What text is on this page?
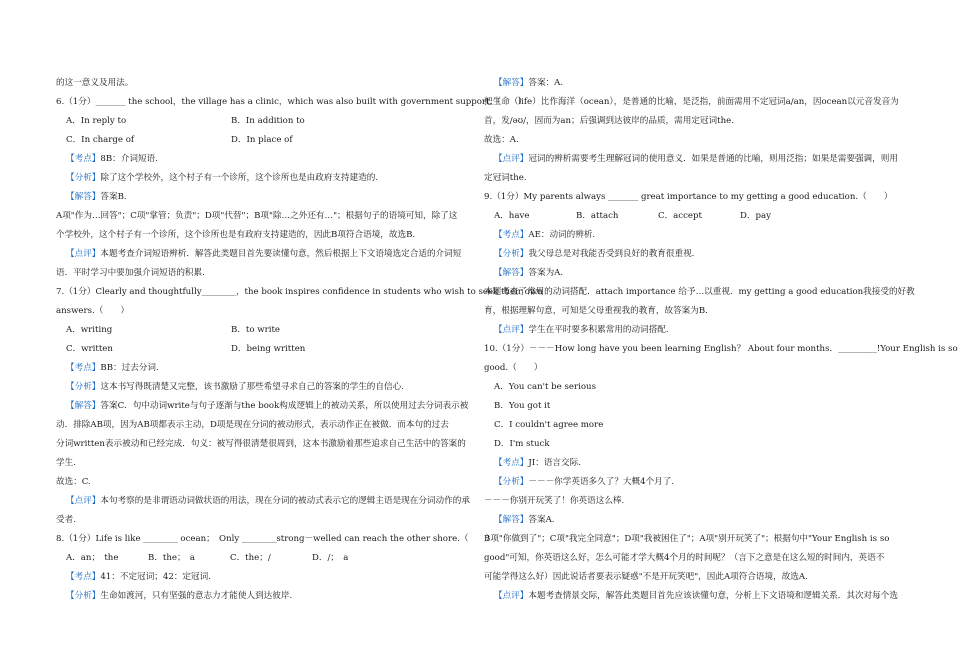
的这一意义及用法。
6.（1分）_______ the school，the village has a clinic，which was also built with government support.（　　）
A．In reply to	B．In addition to
C．In charge of	D．In place of
【考点】8B：介词短语.
【分析】除了这个学校外，这个村子有一个诊所，这个诊所也是由政府支持建造的.
【解答】答案B.
A项"作为…回答"；C项"掌管；负责"；D项"代替"；B项"除…之外还有…"；根据句子的语境可知，除了这
个学校外，这个村子有一个诊所，这个诊所也是有政府支持建造的，因此B项符合语境，故选B.
【点评】本题考查介词短语辨析．解答此类题目首先要读懂句意，然后根据上下文语境选定合适的介词短
语．平时学习中要加强介词短语的积累.
7.（1分）Clearly and thoughtfully________，the book inspires confidence in students who wish to seek their own
answers.（　　）
A．writing	B．to write
C．written	D．being written
【考点】BB：过去分词.
【分析】这本书写得既清楚又完整，该书激励了那些希望寻求自己的答案的学生的自信心.
【解答】答案C．句中动词write与句子逐渐与the book构成逻辑上的被动关系，所以使用过去分词表示被
动．排除AB项，因为AB项都表示主动，D项是现在分词的被动形式，表示动作正在被做．而本句的过去
分词written表示被动和已经完成．句义：被写得很清楚很周到，这本书激励着那些追求自己生活中的答案的
学生.
故选：C.
【点评】本句考察的是非谓语动词做状语的用法，现在分词的被动式表示它的逻辑主语是现在分词动作的承
受者.
8.（1分）Life is like ________ ocean；　Only ________strong－welled can reach the other shore.（　　）
A．an；　the	B．the；　a	C．the；/	D．/；　a
【考点】41：不定冠词；42：定冠词.
【分析】生命如渡河，只有坚强的意志力才能使人到达彼岸.
【解答】答案：A.
把生命（life）比作海洋（ocean），是普通的比喻，是泛指，前面需用不定冠词a/an，因ocean以元音发音为
首，发/əʊ/，固而为an；后强调到达彼岸的品质，需用定冠词the.
故选：A.
【点评】冠词的辨析需要考生理解冠词的使用意义．如果是普通的比喻，则用泛指；如果是需要强调，则用
定冠词the.
9.（1分）My parents always _______ great importance to my getting a good education.（　　）
A．have	B．attach	C．accept	D．pay
【考点】AE：动词的辨析.
【分析】我父母总是对我能否受到良好的教育很重视.
【解答】答案为A.
本题考查了常用的动词搭配．attach importance 给予…以重视．my getting a good education我接受的好教
育，根据理解句意，可知是父母重视我的教育，故答案为B.
【点评】学生在平时要多积累常用的动词搭配.
10.（1分）－－－How long have you been learning English？ About four months．_________!Your English is so
good.（　　）
A．You can't be serious
B．You got it
C．I couldn't agree more
D．I'm stuck
【考点】JI：语言交际.
【分析】－－－你学英语多久了？大概4个月了.
－－－你别开玩笑了！你英语这么棒.
【解答】答案A.
B项"你做到了"；C项"我完全同意"；D项"我被困住了"；A项"别开玩笑了"；根据句中"Your English is so
good"可知，你英语这么好，怎么可能才学大概4个月的时间呢？（言下之意是在这么短的时间内，英语不
可能学得这么好）因此说话者要表示疑惑"不是开玩笑吧"，因此A项符合语境，故选A.
【点评】本题考查情景交际，解答此类题目首先应该读懂句意，分析上下文语境和逻辑关系．其次对每个选
